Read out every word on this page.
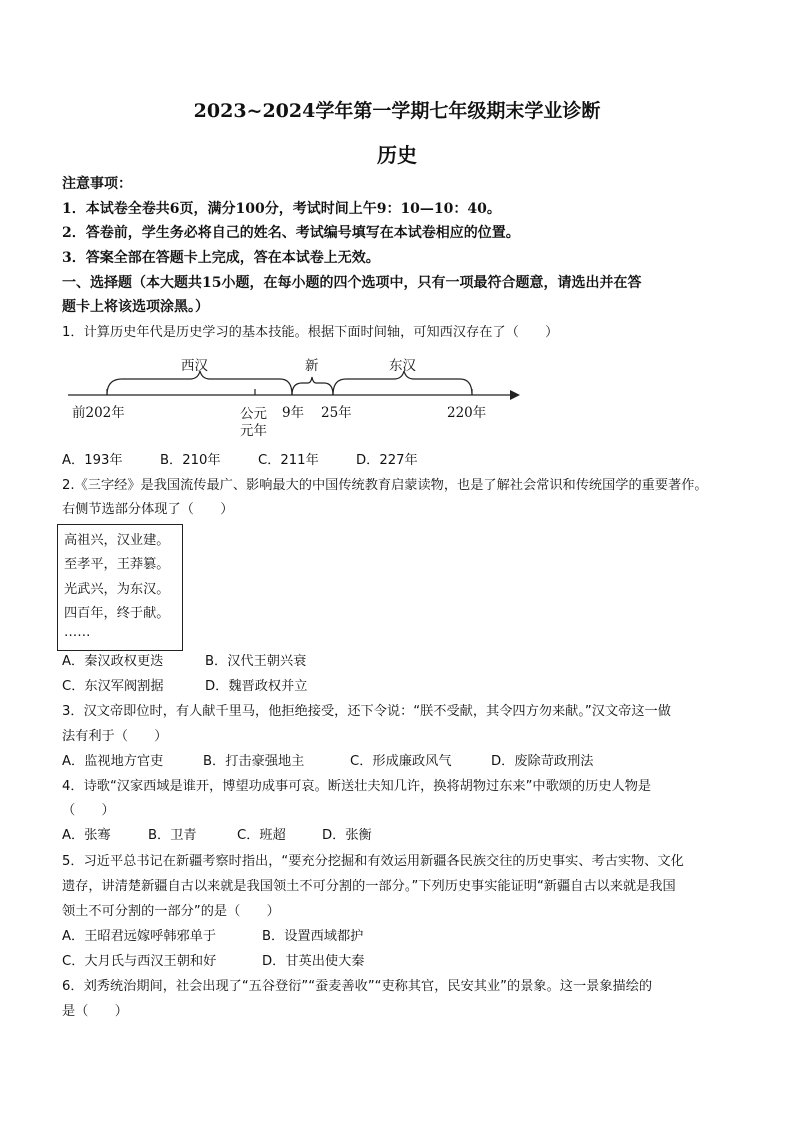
2023~2024学年第一学期七年级期末学业诊断
历史
注意事项：
1．本试卷全卷共6页，满分100分，考试时间上午9：10—10：40。
2．答卷前，学生务必将自己的姓名、考试编号填写在本试卷相应的位置。
3．答案全部在答题卡上完成，答在本试卷上无效。
一、选择题（本大题共15小题，在每小题的四个选项中，只有一项最符合题意，请选出并在答
题卡上将该选项涂黑。）
1．计算历史年代是历史学习的基本技能。根据下面时间轴，可知西汉存在了（　　）
西汉	新	东汉
前202年	公元
元年
9年 25年	220年
A．193年	B．210年	C．211年	D．227年
2.《三字经》是我国流传最广、影响最大的中国传统教育启蒙读物，也是了解社会常识和传统国学的重要著作。
右侧节选部分体现了（　　）
高祖兴，汉业建。
至孝平，王莽篡。
光武兴，为东汉。
四百年，终于献。
……
A．秦汉政权更迭	B．汉代王朝兴衰
C．东汉军阀割据	D．魏晋政权并立
3．汉文帝即位时，有人献千里马，他拒绝接受，还下令说：“朕不受献，其令四方勿来献。”汉文帝这一做
法有利于（　　）
A．监视地方官吏	B．打击豪强地主	C．形成廉政风气	D．废除苛政刑法
4．诗歌“汉家西域是谁开，博望功成事可哀。断送壮夫知几许，换将胡物过东来”中歌颂的历史人物是
（　　）
A．张骞	B．卫青	C．班超	D．张衡
5．习近平总书记在新疆考察时指出，“要充分挖掘和有效运用新疆各民族交往的历史事实、考古实物、文化
遗存，讲清楚新疆自古以来就是我国领土不可分割的一部分。”下列历史事实能证明“新疆自古以来就是我国
领土不可分割的一部分”的是（　　）
A．王昭君远嫁呼韩邪单于	B．设置西域都护
C．大月氏与西汉王朝和好	D．甘英出使大秦
6．刘秀统治期间，社会出现了“五谷登衍”“蚕麦善收”“吏称其官，民安其业”的景象。这一景象描绘的
是（　　）
